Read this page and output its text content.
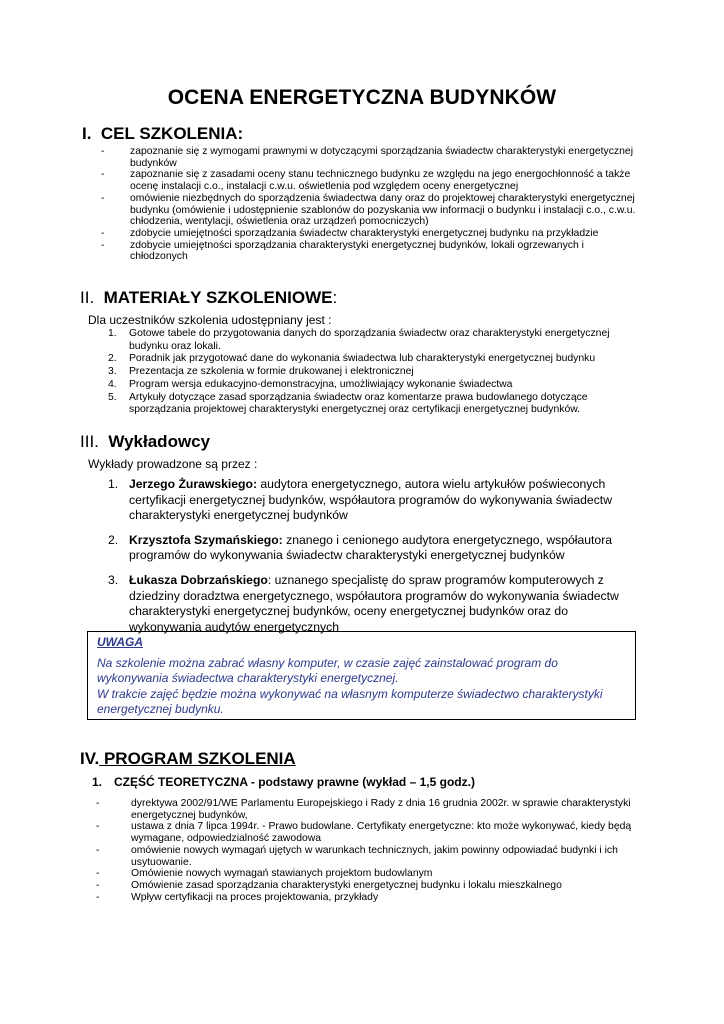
OCENA ENERGETYCZNA BUDYNKÓW
I. CEL SZKOLENIA:
- zapoznanie się z wymogami prawnymi w dotyczącymi sporządzania świadectw charakterystyki energetycznej budynków
- zapoznanie się z zasadami oceny stanu technicznego budynku ze względu na jego energochłonność a także ocenę instalacji c.o., instalacji c.w.u. oświetlenia pod względem oceny energetycznej
- omówienie niezbędnych do sporządzenia świadectwa dany oraz do projektowej charakterystyki energetycznej budynku (omówienie i udostępnienie szablonów do pozyskania ww informacji o budynku i instalacji c.o., c.w.u. chłodzenia, wentylacji, oświetlenia oraz urządzeń pomocniczych)
- zdobycie umiejętności sporządzania świadectw charakterystyki energetycznej budynku na przykładzie
- zdobycie umiejętności sporządzania charakterystyki energetycznej budynków, lokali ogrzewanych i chłodzonych
II. MATERIAŁY SZKOLENIOWE:
Dla uczestników szkolenia udostępniany jest :
1. Gotowe tabele do przygotowania danych do sporządzania świadectw oraz charakterystyki energetycznej budynku oraz lokali.
2. Poradnik jak przygotować dane do wykonania świadectwa lub charakterystyki energetycznej budynku
3. Prezentacja ze szkolenia w formie drukowanej i elektronicznej
4. Program wersja edukacyjno-demonstracyjna, umożliwiający wykonanie świadectwa
5. Artykuły dotyczące zasad sporządzania świadectw oraz komentarze prawa budowlanego dotyczące sporządzania projektowej charakterystyki energetycznej oraz certyfikacji energetycznej budynków.
III. Wykładowcy
Wykłady prowadzone są przez :
1. Jerzego Żurawskiego: audytora energetycznego, autora wielu artykułów poświeconych certyfikacji energetycznej budynków, współautora programów do wykonywania świadectw charakterystyki energetycznej budynków
2. Krzysztofa Szymańskiego: znanego i cenionego audytora energetycznego, współautora programów do wykonywania świadectw charakterystyki energetycznej budynków
3. Łukasza Dobrzańskiego: uznanego specjalistę do spraw programów komputerowych z dziedziny doradztwa energetycznego, współautora programów do wykonywania świadectw charakterystyki energetycznej budynków, oceny energetycznej budynków oraz do wykonywania audytów energetycznych
UWAGA
Na szkolenie można zabrać własny komputer, w czasie zajęć zainstalować program do wykonywania świadectwa charakterystyki energetycznej.
W trakcie zajęć będzie można wykonywać na własnym komputerze świadectwo charakterystyki energetycznej budynku.
IV. PROGRAM SZKOLENIA
1. CZĘŚĆ TEORETYCZNA - podstawy prawne (wykład – 1,5 godz.)
-	dyrektywa 2002/91/WE Parlamentu Europejskiego i Rady z dnia 16 grudnia 2002r. w sprawie charakterystyki energetycznej budynków,
-	ustawa z dnia 7 lipca 1994r. - Prawo budowlane. Certyfikaty energetyczne: kto może wykonywać, kiedy będą wymagane, odpowiedzialność zawodowa
-	omówienie nowych wymagań ujętych w warunkach technicznych, jakim powinny odpowiadać budynki i ich usytuowanie.
-	Omówienie nowych wymagań stawianych projektom budowlanym
-	Omówienie zasad sporządzania charakterystyki energetycznej budynku i lokalu mieszkalnego
-	Wpływ certyfikacji na proces projektowania, przykłady
